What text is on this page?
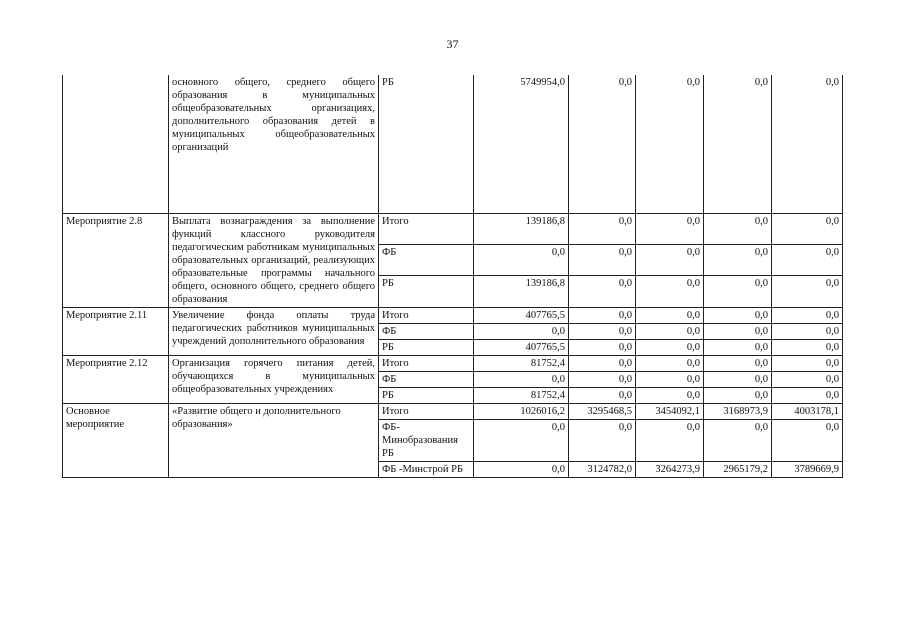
37
	основного общего, среднего общего образования в муниципальных общеобразовательных организациях, дополнительного образования детей в муниципальных общеобразовательных организаций	РБ	5749954,0	0,0	0,0	0,0	0,0
Мероприятие 2.8	Выплата вознаграждения за выполнение функций классного руководителя педагогическим работникам муниципальных образовательных организаций, реализующих образовательные программы начального общего, основного общего, среднего общего образования	Итого	139186,8	0,0	0,0	0,0	0,0
		ФБ	0,0	0,0	0,0	0,0	0,0
		РБ	139186,8	0,0	0,0	0,0	0,0
Мероприятие 2.11	Увеличение фонда оплаты труда педагогических работников муниципальных учреждений дополнительного образования	Итого	407765,5	0,0	0,0	0,0	0,0
		ФБ	0,0	0,0	0,0	0,0	0,0
		РБ	407765,5	0,0	0,0	0,0	0,0
Мероприятие 2.12	Организация горячего питания детей, обучающихся в муниципальных общеобразовательных учреждениях	Итого	81752,4	0,0	0,0	0,0	0,0
		ФБ	0,0	0,0	0,0	0,0	0,0
		РБ	81752,4	0,0	0,0	0,0	0,0
Основное мероприятие	«Развитие общего и дополнительного образования»	Итого	1026016,2	3295468,5	3454092,1	3168973,9	4003178,1
		ФБ-Минобразования РБ	0,0	0,0	0,0	0,0	0,0
		ФБ -Минстрой РБ	0,0	3124782,0	3264273,9	2965179,2	3789669,9
